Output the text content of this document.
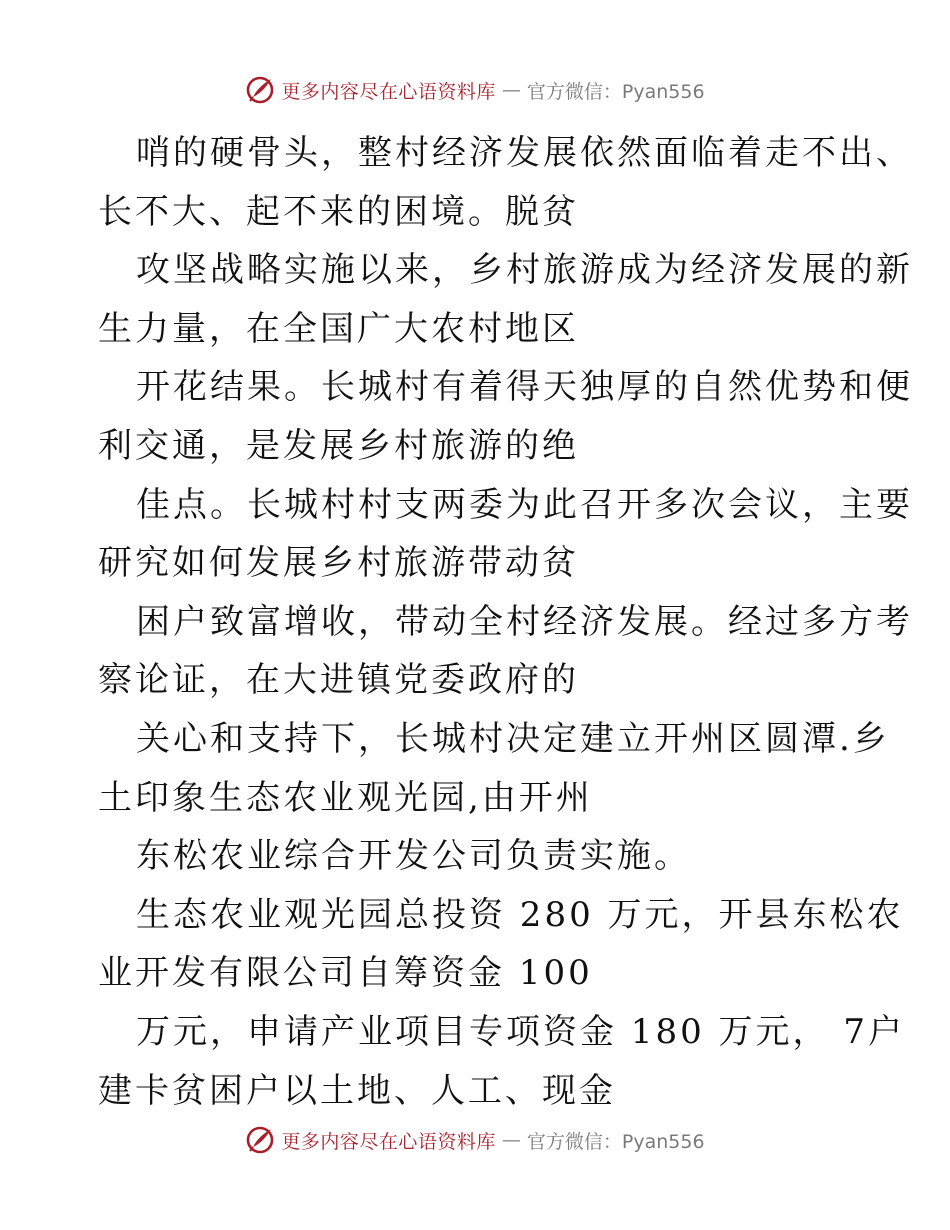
更多内容尽在心语资料库 — 官方微信：Pyan556
哨的硬骨头，整村经济发展依然面临着走不出、
长不大、起不来的困境。脱贫
攻坚战略实施以来，乡村旅游成为经济发展的新
生力量，在全国广大农村地区
开花结果。长城村有着得天独厚的自然优势和便
利交通，是发展乡村旅游的绝
佳点。长城村村支两委为此召开多次会议，主要
研究如何发展乡村旅游带动贫
困户致富增收，带动全村经济发展。经过多方考
察论证，在大进镇党委政府的
关心和支持下，长城村决定建立开州区圆潭.乡
土印象生态农业观光园,由开州
东松农业综合开发公司负责实施。
生态农业观光园总投资 280 万元，开县东松农
业开发有限公司自筹资金 100
万元，申请产业项目专项资金 180 万元， 7户
建卡贫困户以土地、人工、现金
更多内容尽在心语资料库 — 官方微信：Pyan556
